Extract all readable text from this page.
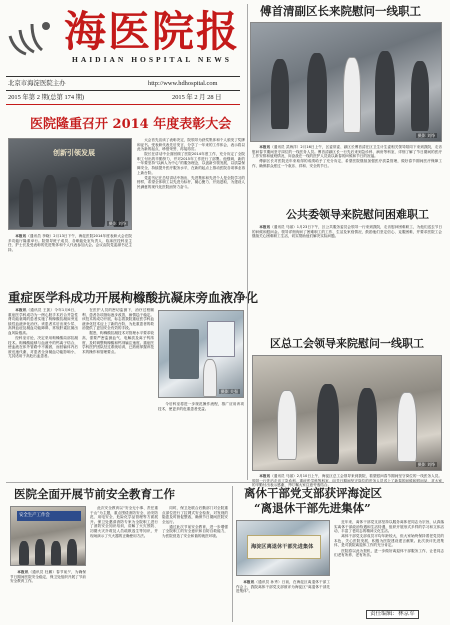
海医院报
HAIDIAN HOSPITAL NEWS
北京市海淀医院主办	http://www.hdhospital.com
2015 年第 2 期(总第 174 期)	2015 年 2 月 28 日
傅首清副区长来院慰问一线职工
摄影 刘铮

本报讯（通讯员 武海洋）2月16日上午，区委常委、副区长傅首清在区卫生计生委相关领导陪同下来到我院，走访慰问春节期间坚守岗位的一线医务人员。傅首清副区长一行先后来到急诊科、病房等科室，详细了解了节日期间的医疗工作安排和值班情况，向奋战在一线的医护人员致以新春的问候和节日的祝福。

傅副区长对医院近年来取得的成绩给予了充分肯定，希望医院继续加强医疗质量管理，做好春节期间医疗保障工作，确保群众度过一个欢乐、祥和、安全的节日。

公共委领导来院慰问困难职工

本报讯（通讯员 马丽）1月23日下午，区公共服务委员会领导一行来到我院，走访慰问困难职工，为他们送去节日的问候和慰问金。领导详细询问了困难职工的工作、生活及家庭情况，鼓励他们坚定信心、克服困难，并要求医院工会继续关心困难职工生活，切实帮助他们解决实际问题。

区总工会领导来院慰问一线职工
摄影 刘铮

本报讯（通讯员 马丽）2月10日上午，海淀区总工会领导来到我院，看望慰问春节期间坚守岗位的一线医务人员。领导一行先后走访了急诊科、重症医学科等科室，向节日期间坚守岗位的医务人员送上了新春的问候和慰问品，对大家的辛勤付出表示感谢，并叮嘱大家注意劳逸结合。

医院隆重召开 2014 年度表彰大会
创新引领发展
摄影 刘铮

本报讯（通讯员 李晓）2月13日下午，海淀医院2014年度表彰大会在院多功能厅隆重举行。院领导班子成员、各职能处室负责人、临床医技科室主任、护士长及受表彰的先进集体和个人代表参加大会。会议由院党委副书记主持。

大会首先宣读了表彰决定，院领导为获奖集体和个人颁发了奖牌和证书。受表彰代表先后发言，分享了一年来的工作体会，表示将以此为新的起点，珍惜荣誉、再接再厉。

院长在讲话中全面回顾了医院2014年度工作，充分肯定了全院职工付出的辛勤努力，并对2015年工作进行了部署。他强调，新的一年要坚持“以病人为中心”的服务理念，以创新引领发展，以质量保障安全，持续提升医疗服务水平，在新的起点上推动医院各项事业再上新台阶。

党委书记在总结讲话中指出，先进集体和先进个人是全院学习的榜样，希望全体职工以先进为标杆，凝心聚力、开拓进取，为建设人民满意的现代化医院而努力奋斗。

重症医学科成功开展枸橼酸抗凝床旁血液净化

本报讯（通讯员 王凯）今年1月6日，重症医学科成功为一例心脏手术后合并急性肾功能衰竭的患者实施了枸橼酸抗凝床旁连续性血液净化治疗。该患者术后出现少尿、高钾血症及凝血功能障碍，常规肝素抗凝出血风险极高。

经科室讨论，决定采用枸橼酸局部抗凝技术。枸橼酸能够与血液中的钙离子结合，使血液在体外管路中不凝固，而回输体内后被迅速代谢，对患者全身凝血功能影响小，尤其适用于高危出血患者。

在医护人员的密切监测下，治疗过程顺利，患者各项指标逐步改善，病情趋于稳定。该技术的成功开展，标志着我院重症医学科血液净化技术迈上了新的台阶，为危重患者的救治提供了更加安全有效的手段。

据悉，枸橼酸抗凝技术对管理水平要求较高，需要严密监测血气、电解质及离子钙浓度，及时调整枸橼酸和钙剂输注速度。重症医学科医护团队经过系统培训，已熟练掌握该技术的操作和管理要点。

摄影 关强

今后科室将进一步规范操作流程，推广应用该项技术，使更多的危重患者受益。

医院全面开展节前安全教育工作
安全生产工作会

本报讯（通讯员 杜鹏）春节前夕，为确保节日期间医院安全稳定，保卫处组织开展了节前安全教育工作。

此次安全教育以“安全无小事、责任重于山”为主题，重点围绕消防安全、治安防范、用电安全、危险化学品管理等方面展开。保卫处邀请消防专家为全院职工进行了消防安全知识培训，讲解了火灾预防、初期火灾扑救及人员疏散逃生等知识，并现场演示了灭火器的正确使用方法。

同时，保卫处联合后勤部门对全院重点部位进行了拉网式安全检查，对发现的隐患及时督促整改，确保节日期间医院安全运行。

通过此次节前安全教育，进一步增强了全院职工的安全意识和自防自救能力，为医院营造了安全和谐的就医环境。

离休干部党支部获评海淀区
“离退休干部先进集体”
海淀区离退休干部先进集体

本报讯（通讯员 孙秀）日前，在海淀区离退休干部工作会上，我院离休干部党支部被评为海淀区“离退休干部先进集体”。

近年来，离休干部党支部坚持以服务离休老同志为宗旨，认真落实离休干部政治待遇和生活待遇，组织开展形式多样的学习和文体活动，丰富了老同志的精神文化生活。

离休干部党支部成员平均年龄较大，但大家始终保持着老党员的本色，关心医院发展，积极为医院建设建言献策。此次获评先进集体，是对我院离退休工作的充分肯定。

医院将以此为契机，进一步做好离退休干部服务工作，让老同志们老有所养、老有所乐。

责任编辑：林京军
